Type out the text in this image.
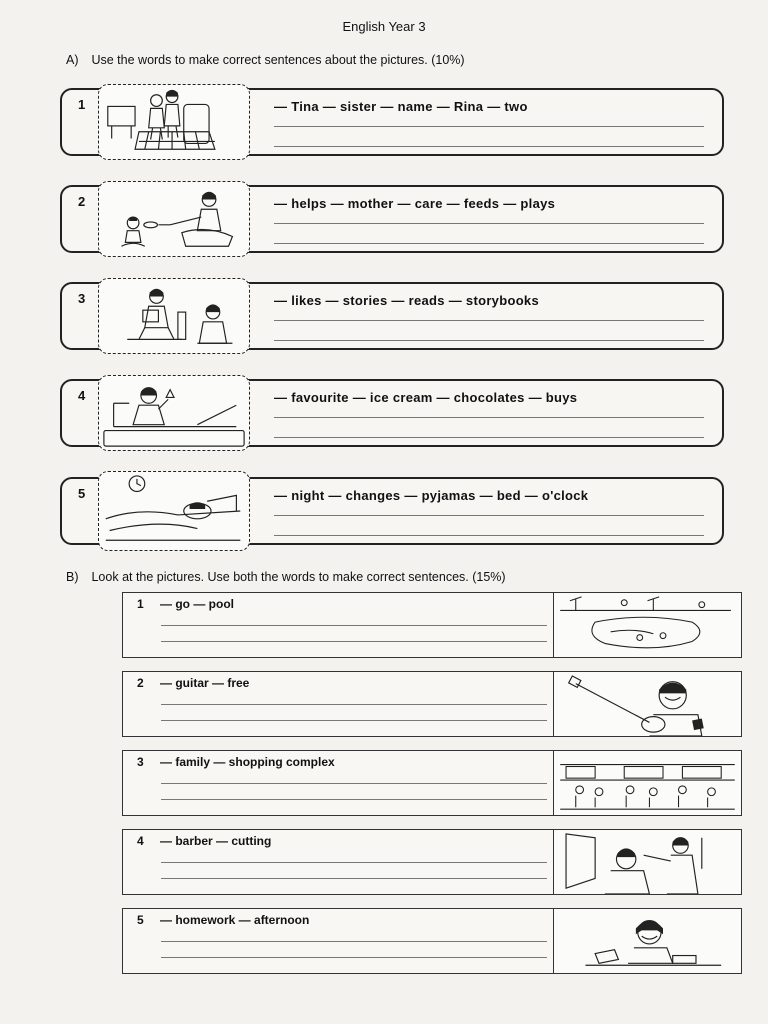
English Year 3
A) Use the words to make correct sentences about the pictures. (10%)
1	— Tina — sister — name — Rina — two
2	— helps — mother — care — feeds — plays
3	— likes — stories — reads — storybooks
4	— favourite — ice cream — chocolates — buys
5	— night — changes — pyjamas — bed — o'clock
B) Look at the pictures. Use both the words to make correct sentences. (15%)
1 — go — pool
2 — guitar — free
3 — family — shopping complex
4 — barber — cutting
5 — homework — afternoon
